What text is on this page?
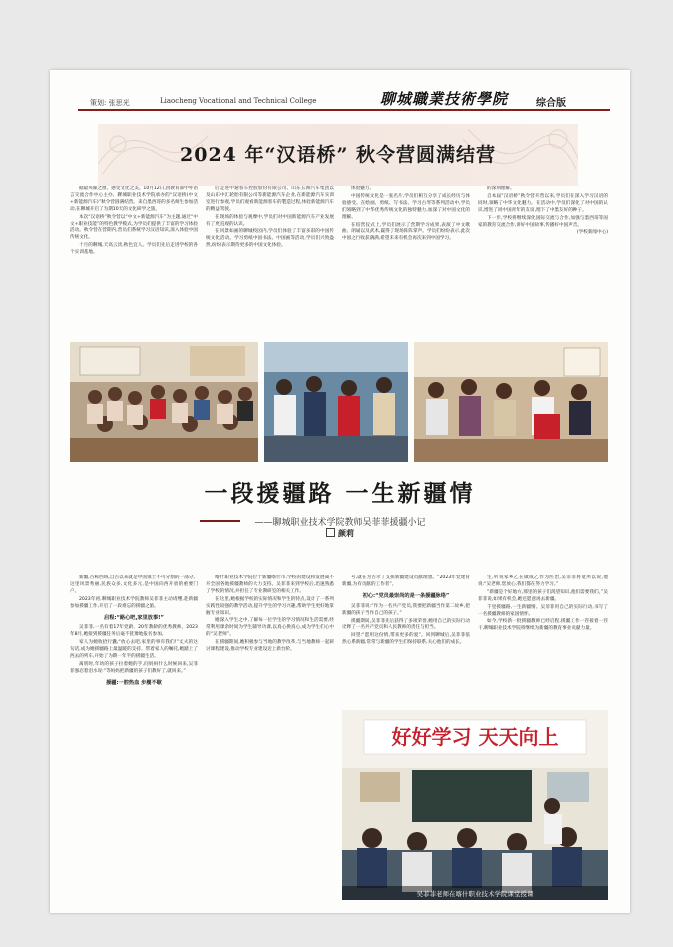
策划: 张思光	Liaocheng Vocational and Technical College	聊城職業技術學院	综合版
2024 年“汉语桥” 秋令营圆满结营

据最央媒之窗。感受文化之美。10月12日,由教育部中外语言交流合作中心主办、聊城职业技术学院承办的“汉语桥(中文+新能源汽车)”秋令营圆满结营。来自墨西哥的多名师生参加活动,在聊城开启了为期10天的文化研学之旅。

本次“汉语桥”秋令营以“中文+新能源汽车”为主题,通过“中文+职业技能”的特色教学模式,为学员们提供了丰富的学习体验活动。秋令营在营期内,营员们系统学习汉语知识,深入体验中国传统文化。

十月的聊城,天高云淡,秋色宜人。学员们先后走进学校的各个实训基地。

后走进中通客车控股股份有限公司、山东五洲汽车集团以及山东中汇轮胎有限公司等新能源汽车企业,在新能源汽车实训室进行参观,学员们观看新能源客车的製造过程,体验新能源汽车的精益驾驶。

在现场的体验与观摩中,学员们对中国新能源汽车产业发展有了更直观的认识。

在风景如画的聊城校园内,学员们体验了丰富多彩的中国传统文化活动。学习剪纸中国书法、中国画等活动,学员们兴致盎然,纷纷表示期待更多的中国文化体验。

体验魅力。

中国传统文化是一张名片,学员们相互分享了成长经历与体验感受。在绘画、剪纸、写书法、学习古琴等系列活动中,学员们领略到了中华优秀传统文化的独特魅力,加深了对中国文化的理解。

在结营仪式上,学员们展示了营期学习成果,表演了中文歌曲、朗诵以及武术,赢得了现场阵阵掌声。学员们纷纷表示,此次中国之行收获满满,希望未来有机会再次来到中国学习。

的深刻理解。

自本届“汉语桥”秋令营开营以来,学员们在深入学习汉语的同时,领略了中华文化魅力。在活动中,学员们深化了对中国的认识,增进了同中国青年的友谊,埋下了中墨友好的种子。

下一步,学校将继续深化国际交流与合作,加强与墨西哥等国家的教育交流合作,讲好中国故事,传播好中国声音。

(学校新闻中心)

一段援疆路 一生新疆情
——聊城职业技术学院教师吴菲菲援疆小记
颜莉

新疆,古称西域,自古以来就是中国领土不可分割的一部分。这里风景秀丽,民族众多,文化多元,是中国向西开放的重要门户。

2023年初,聊城职业技术学院教师吴菲菲主动请缨,赴新疆参加援疆工作,开启了一段难忘的援疆之旅。

启程:“路心吧,家里放事!”

吴菲菲,一名有着17年党龄、20年教龄的优秀教师。2023年8月,她接到援疆任务后毫不犹豫地报名参加。

家人为她收拾行囊,“放心去吧,家里的事有我们!”丈夫的这句话,成为她援疆路上最温暖的支持。带着家人的嘱托,她踏上了西去的列车,开始了为期一年半的援疆生活。

离别时,年幼的孩子拉着她的手,问妈妈什么时候回来,吴菲菲强忍着泪水说:“等妈妈把新疆的孩子们教好了,就回来。”

援疆:一腔热血 步履不歇

喀什职业技术学院位于新疆喀什市,学校的建设和发展离不开全国各地援疆教师的大力支持。吴菲菲来到学校后,迅速熟悉了学校的情况,并担任了专业教研室的相关工作。

在这里,她根据学校的实际情况和学生的特点,设计了一系列实践性较强的教学活动,提升学生的学习兴趣,帮助学生更好地掌握专业知识。

她深入学生之中,了解每一位学生的学习情况和生活需要,经常利用课余时间为学生辅导功课,以真心换真心,成为学生们心中的“吴老师”。

在援疆期间,她积极参与当地的教学改革,与当地教师一起研讨课程建设,推动学校专业建设迈上新台阶。

号,就在为古尔丁支援新疆建设贡献理想。“2023年党建育新疆,为有贡献的工作者”。

初心:“党员最崇尚的是一条援疆脉络”

吴菲菲说:“作为一名共产党员,我要把新疆当作第二故乡,把新疆的孩子当作自己的孩子。”

援疆期间,吴菲菲先后获得了多项荣誉,她用自己的实际行动诠释了一名共产党员和人民教师的责任与担当。

回望:“愿用这份情,带来更多的爱”。回到聊城后,吴菲菲依然心系新疆,常常与新疆的学生们保持联系,关心他们的成长。

生,听说家乡乙在做成乙作为医治,吴菲菲将宽所以说,他说:“吴老师,您放心,我们都在努力学习。”

“新疆是个好地方,那里的孩子们渴望知识,他们需要我们。”吴菲菲说,如果有机会,她还愿意再去新疆。

千里援疆路,一生新疆情。吴菲菲用自己的实际行动,书写了一名援疆教师的家国情怀。

如今,学校新一批援疆教师已经启程,援疆工作一茬接着一茬干,聊城职业技术学院将继续为新疆的教育事业贡献力量。

好好学习 天天向上
吴菲菲老师在喀什职业技术学院课堂授课
